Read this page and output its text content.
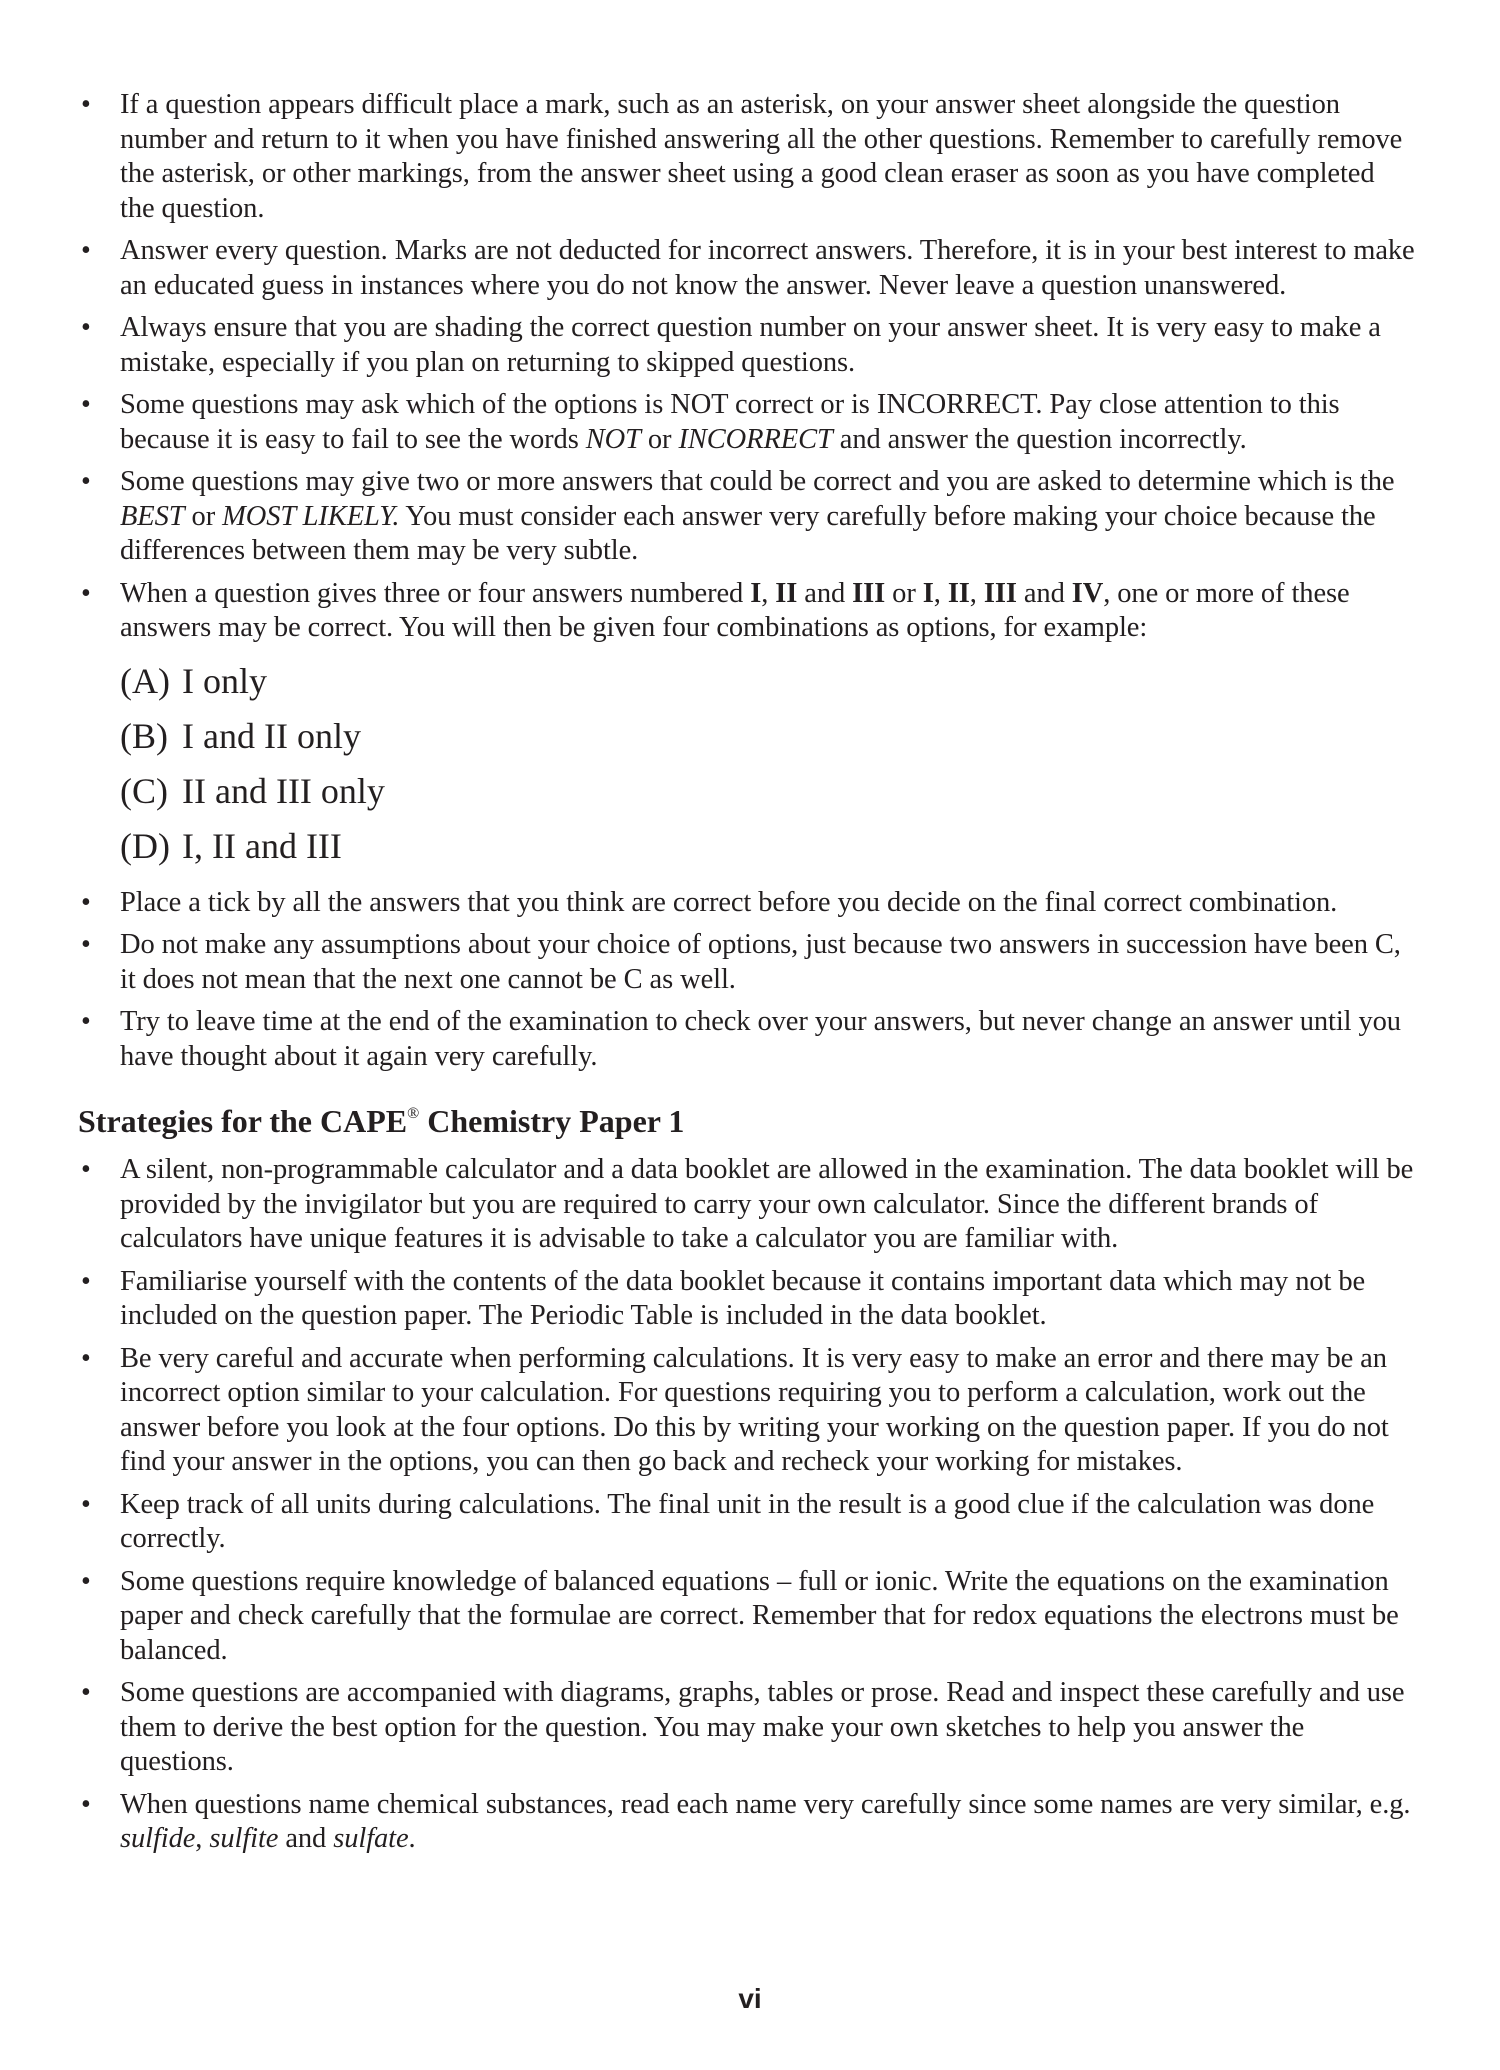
• If a question appears difficult place a mark, such as an asterisk, on your answer sheet alongside the question number and return to it when you have finished answering all the other questions. Remember to carefully remove the asterisk, or other markings, from the answer sheet using a good clean eraser as soon as you have completed the question.
• Answer every question. Marks are not deducted for incorrect answers. Therefore, it is in your best interest to make an educated guess in instances where you do not know the answer. Never leave a question unanswered.
• Always ensure that you are shading the correct question number on your answer sheet. It is very easy to make a mistake, especially if you plan on returning to skipped questions.
• Some questions may ask which of the options is NOT correct or is INCORRECT. Pay close attention to this because it is easy to fail to see the words NOT or INCORRECT and answer the question incorrectly.
• Some questions may give two or more answers that could be correct and you are asked to determine which is the BEST or MOST LIKELY. You must consider each answer very carefully before making your choice because the differences between them may be very subtle.
• When a question gives three or four answers numbered I, II and III or I, II, III and IV, one or more of these answers may be correct. You will then be given four combinations as options, for example:
(A) I only
(B) I and II only
(C) II and III only
(D) I, II and III
• Place a tick by all the answers that you think are correct before you decide on the final correct combination.
• Do not make any assumptions about your choice of options, just because two answers in succession have been C, it does not mean that the next one cannot be C as well.
• Try to leave time at the end of the examination to check over your answers, but never change an answer until you have thought about it again very carefully.
Strategies for the CAPE® Chemistry Paper 1
• A silent, non-programmable calculator and a data booklet are allowed in the examination. The data booklet will be provided by the invigilator but you are required to carry your own calculator. Since the different brands of calculators have unique features it is advisable to take a calculator you are familiar with.
• Familiarise yourself with the contents of the data booklet because it contains important data which may not be included on the question paper. The Periodic Table is included in the data booklet.
• Be very careful and accurate when performing calculations. It is very easy to make an error and there may be an incorrect option similar to your calculation. For questions requiring you to perform a calculation, work out the answer before you look at the four options. Do this by writing your working on the question paper. If you do not find your answer in the options, you can then go back and recheck your working for mistakes.
• Keep track of all units during calculations. The final unit in the result is a good clue if the calculation was done correctly.
• Some questions require knowledge of balanced equations – full or ionic. Write the equations on the examination paper and check carefully that the formulae are correct. Remember that for redox equations the electrons must be balanced.
• Some questions are accompanied with diagrams, graphs, tables or prose. Read and inspect these carefully and use them to derive the best option for the question. You may make your own sketches to help you answer the questions.
• When questions name chemical substances, read each name very carefully since some names are very similar, e.g. sulfide, sulfite and sulfate.
vi
